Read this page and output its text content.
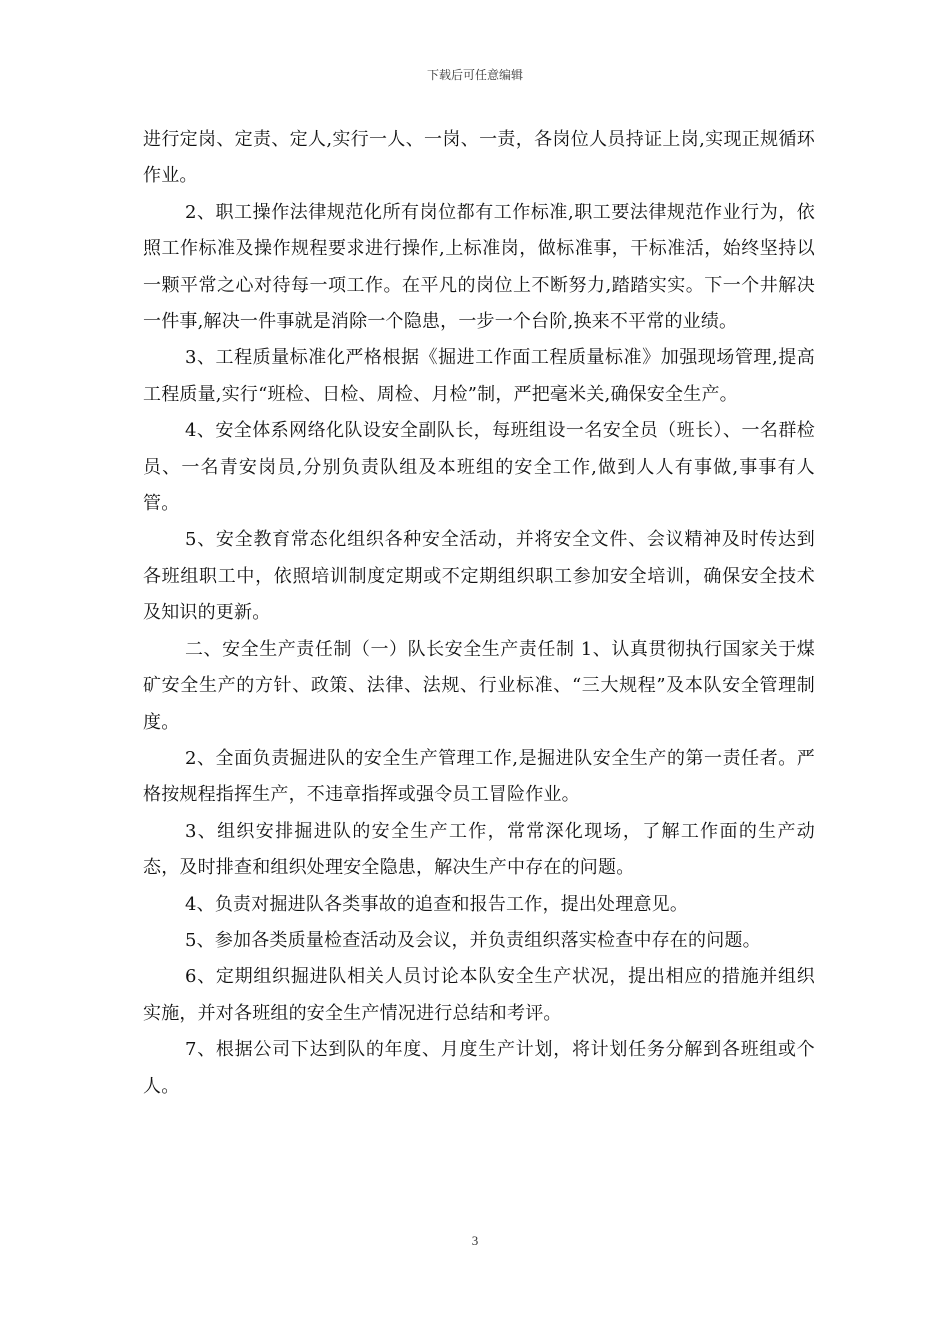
下载后可任意编辑

进行定岗、定责、定人,实行一人、一岗、一责，各岗位人员持证上岗,实现正规循环作业。

2、职工操作法律规范化所有岗位都有工作标准,职工要法律规范作业行为，依照工作标准及操作规程要求进行操作,上标准岗，做标准事，干标准活，始终坚持以一颗平常之心对待每一项工作。在平凡的岗位上不断努力,踏踏实实。下一个井解决一件事,解决一件事就是消除一个隐患，一步一个台阶,换来不平常的业绩。

3、工程质量标准化严格根据《掘进工作面工程质量标准》加强现场管理,提高工程质量,实行“班检、日检、周检、月检”制，严把毫米关,确保安全生产。

4、安全体系网络化队设安全副队长，每班组设一名安全员（班长）、一名群检员、一名青安岗员,分别负责队组及本班组的安全工作,做到人人有事做,事事有人管。

5、安全教育常态化组织各种安全活动，并将安全文件、会议精神及时传达到各班组职工中，依照培训制度定期或不定期组织职工参加安全培训，确保安全技术及知识的更新。

二、安全生产责任制（一）队长安全生产责任制 1、认真贯彻执行国家关于煤矿安全生产的方针、政策、法律、法规、行业标准、“三大规程”及本队安全管理制度。

2、全面负责掘进队的安全生产管理工作,是掘进队安全生产的第一责任者。严格按规程指挥生产，不违章指挥或强令员工冒险作业。

3、组织安排掘进队的安全生产工作，常常深化现场，了解工作面的生产动态，及时排查和组织处理安全隐患，解决生产中存在的问题。

4、负责对掘进队各类事故的追查和报告工作，提出处理意见。

5、参加各类质量检查活动及会议，并负责组织落实检查中存在的问题。

6、定期组织掘进队相关人员讨论本队安全生产状况，提出相应的措施并组织实施，并对各班组的安全生产情况进行总结和考评。

7、根据公司下达到队的年度、月度生产计划，将计划任务分解到各班组或个人。

3
